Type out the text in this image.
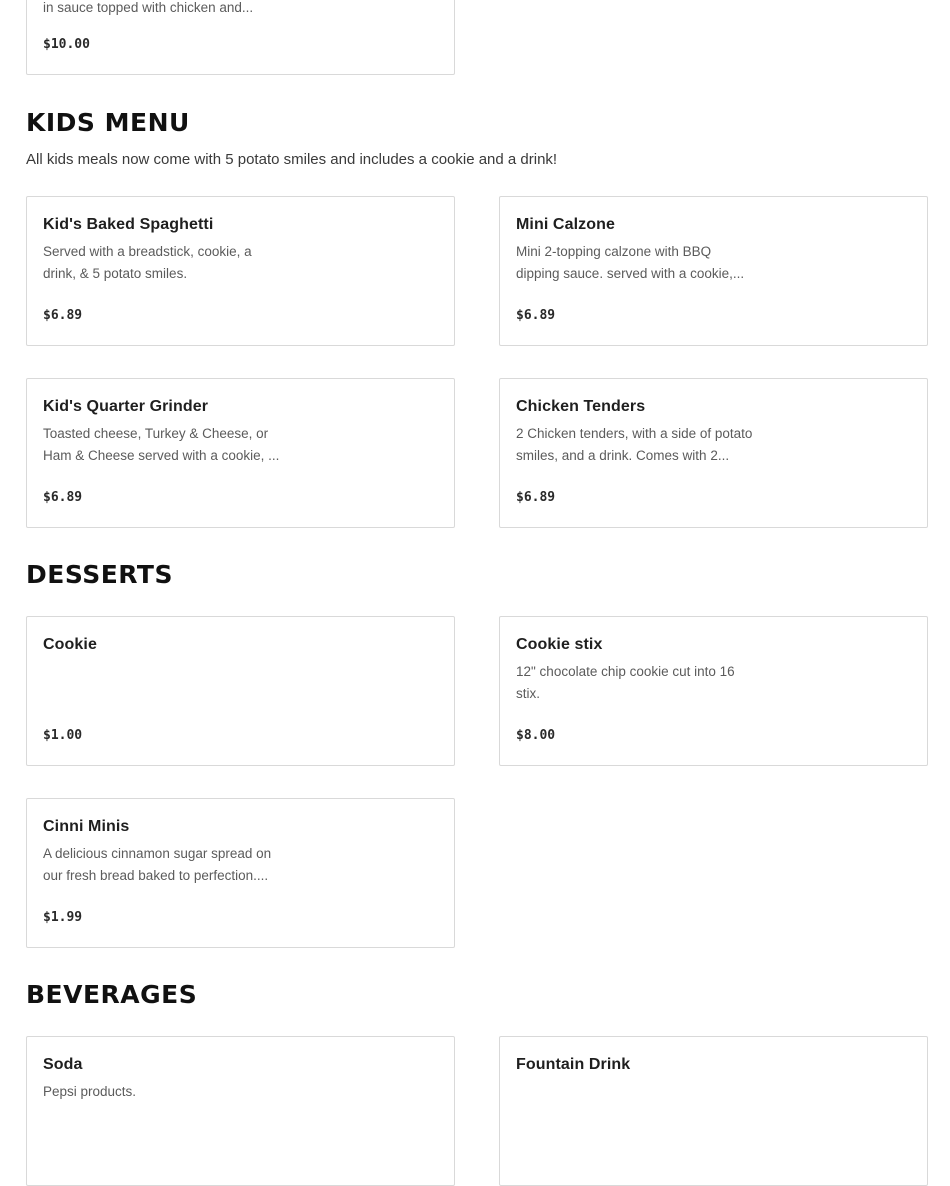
in sauce topped with chicken and...
$10.00
KIDS MENU

All kids meals now come with 5 potato smiles and includes a cookie and a drink!

Kid's Baked Spaghetti
Served with a breadstick, cookie, a
drink, & 5 potato smiles.
$6.89
Mini Calzone
Mini 2-topping calzone with BBQ
dipping sauce. served with a cookie,...
$6.89
Kid's Quarter Grinder
Toasted cheese, Turkey & Cheese, or
Ham & Cheese served with a cookie, ...
$6.89
Chicken Tenders
2 Chicken tenders, with a side of potato
smiles, and a drink. Comes with 2...
$6.89
DESSERTS
Cookie
$1.00
Cookie stix
12" chocolate chip cookie cut into 16
stix.
$8.00
Cinni Minis
A delicious cinnamon sugar spread on
our fresh bread baked to perfection....
$1.99
BEVERAGES
Soda
Pepsi products.
Fountain Drink
